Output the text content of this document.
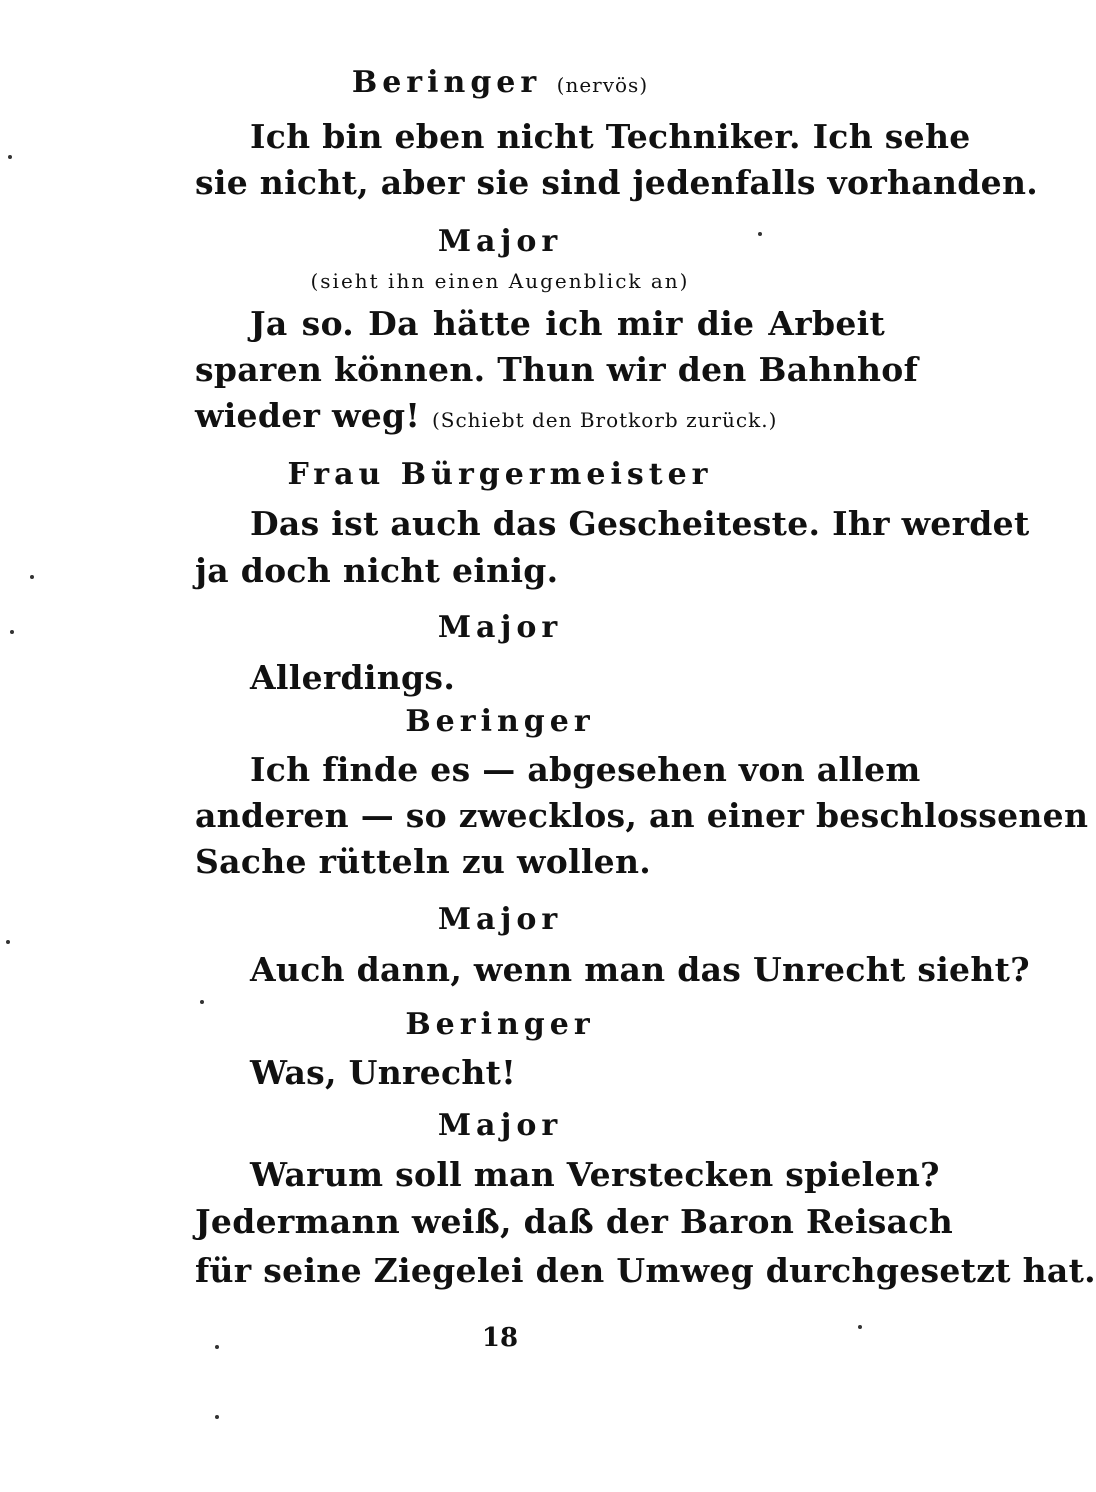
Beringer (nervös)
Ich bin eben nicht Techniker. Ich sehe
sie nicht, aber sie sind jedenfalls vorhanden.
Major
(sieht ihn einen Augenblick an)
Ja so. Da hätte ich mir die Arbeit
sparen können. Thun wir den Bahnhof
wieder weg! (Schiebt den Brotkorb zurück.)
Frau Bürgermeister
Das ist auch das Gescheiteste. Ihr werdet
ja doch nicht einig.
Major
Allerdings.
Beringer
Ich finde es — abgesehen von allem
anderen — so zwecklos, an einer beschlossenen
Sache rütteln zu wollen.
Major
Auch dann, wenn man das Unrecht sieht?
Beringer
Was, Unrecht!
Major
Warum soll man Verstecken spielen?
Jedermann weiß, daß der Baron Reisach
für seine Ziegelei den Umweg durchgesetzt hat.
18
